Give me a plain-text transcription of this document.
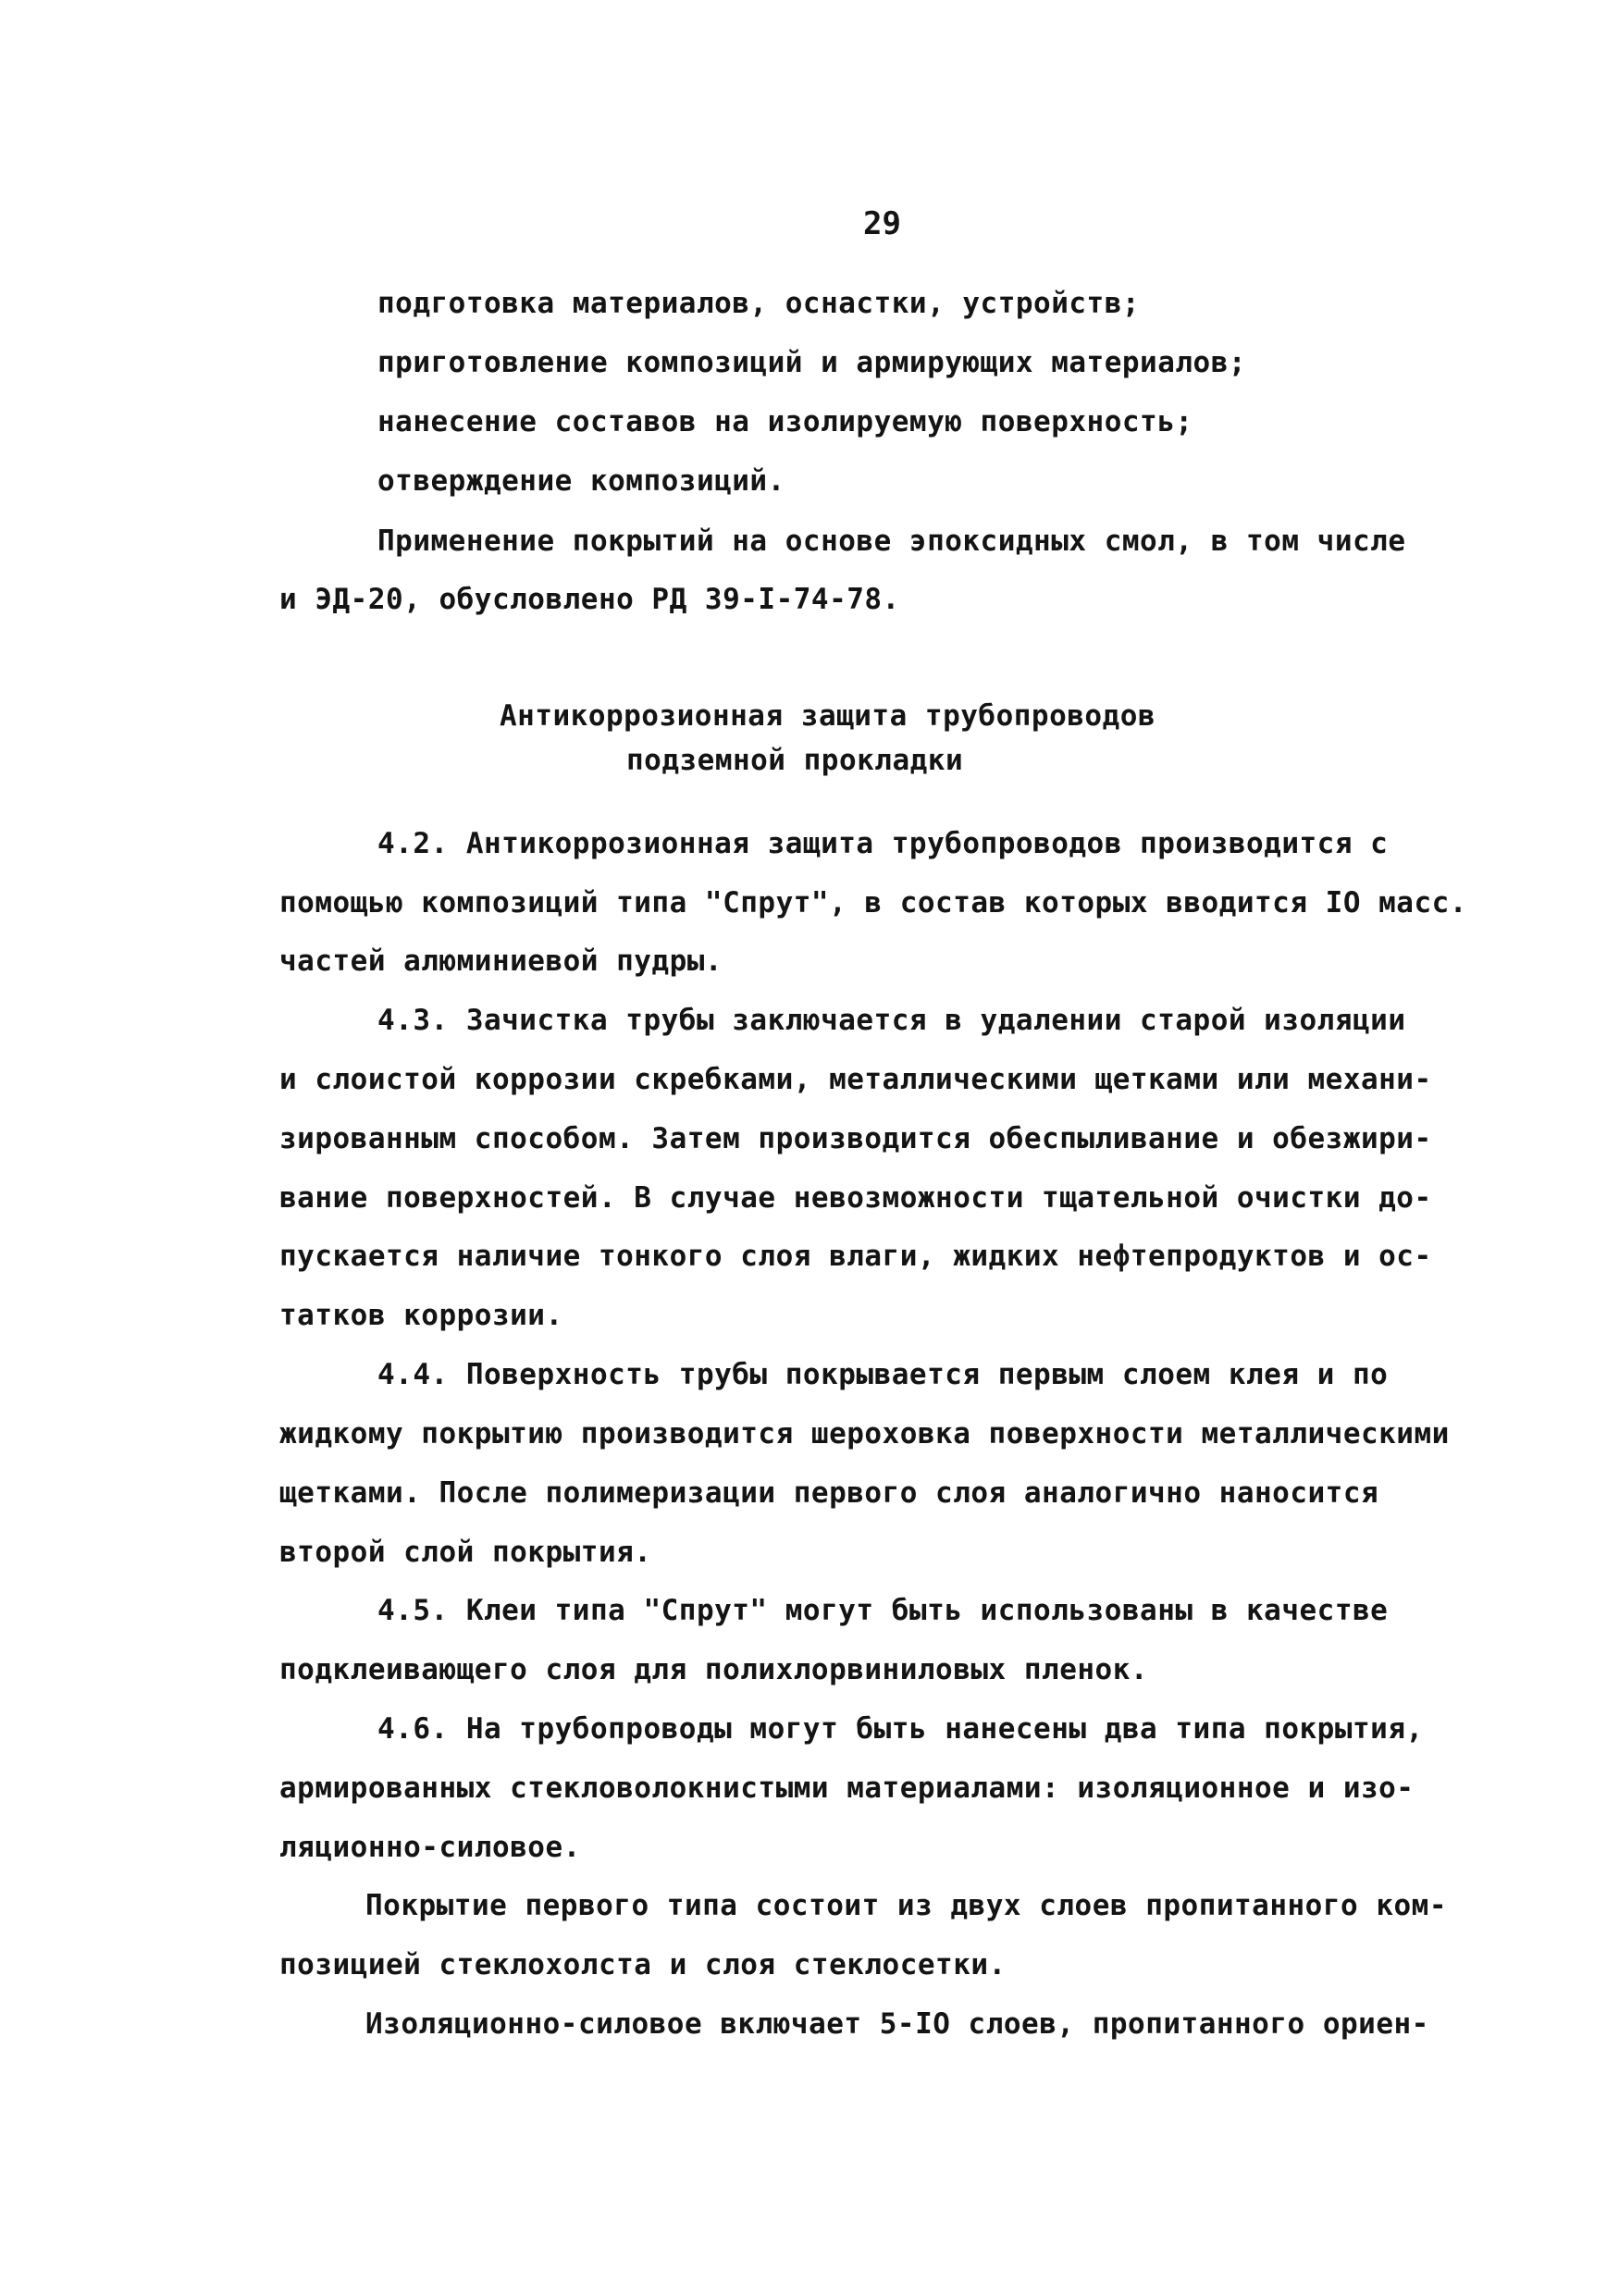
29
подготовка материалов, оснастки, устройств;
приготовление композиций и армирующих материалов;
нанесение составов на изолируемую поверхность;
отверждение композиций.
Применение покрытий на основе эпоксидных смол, в том числе
и ЭД-20, обусловлено РД 39-I-74-78.
Антикоррозионная защита трубопроводов
подземной прокладки
4.2. Антикоррозионная защита трубопроводов производится с
помощью композиций типа "Спрут", в состав которых вводится IO масс.
частей алюминиевой пудры.
4.3. Зачистка трубы заключается в удалении старой изоляции
и слоистой коррозии скребками, металлическими щетками или механи-
зированным способом. Затем производится обеспыливание и обезжири-
вание поверхностей. В случае невозможности тщательной очистки до-
пускается наличие тонкого слоя влаги, жидких нефтепродуктов и ос-
татков коррозии.
4.4. Поверхность трубы покрывается первым слоем клея и по
жидкому покрытию производится шероховка поверхности металлическими
щетками. После полимеризации первого слоя аналогично наносится
второй слой покрытия.
4.5. Клеи типа "Спрут" могут быть использованы в качестве
подклеивающего слоя для полихлорвиниловых пленок.
4.6. На трубопроводы могут быть нанесены два типа покрытия,
армированных стекловолокнистыми материалами: изоляционное и изо-
ляционно-силовое.
Покрытие первого типа состоит из двух слоев пропитанного ком-
позицией стеклохолста и слоя стеклосетки.
Изоляционно-силовое включает 5-IO слоев, пропитанного ориен-
